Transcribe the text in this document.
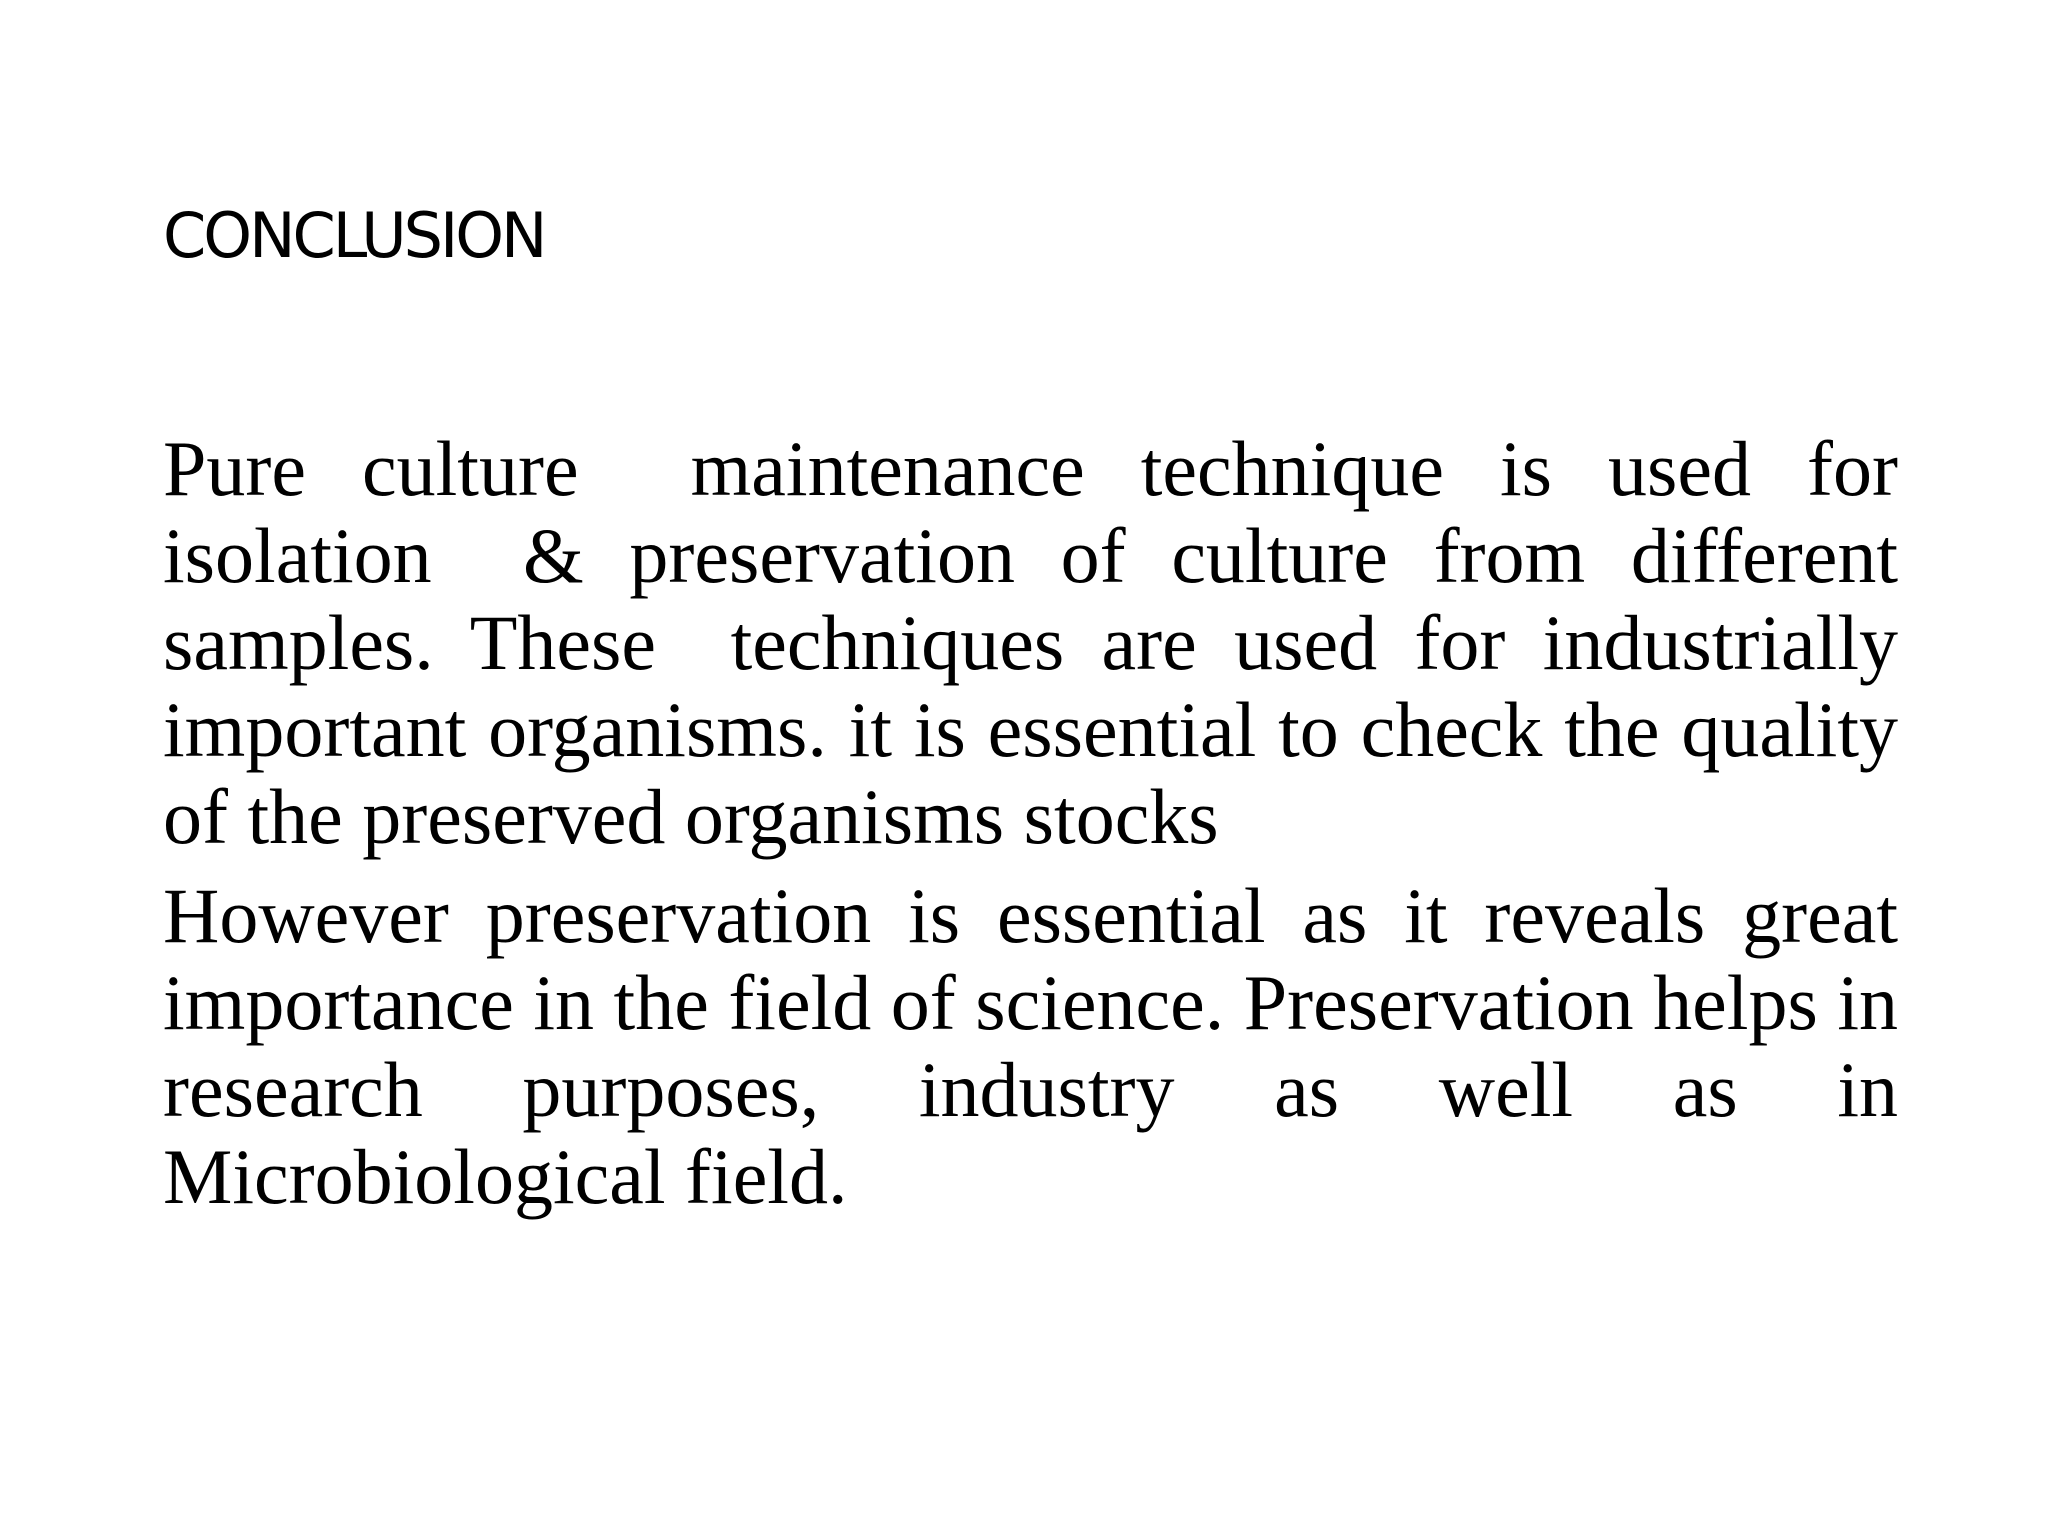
CONCLUSION

Pure culture  maintenance technique is used for isolation  & preservation of culture from different samples. These  techniques are used for industrially important organisms. it is essential to check the quality of the preserved organisms stocks

However preservation is essential as it reveals great importance in the field of science. Preservation helps in research purposes, industry as well as in Microbiological field.
